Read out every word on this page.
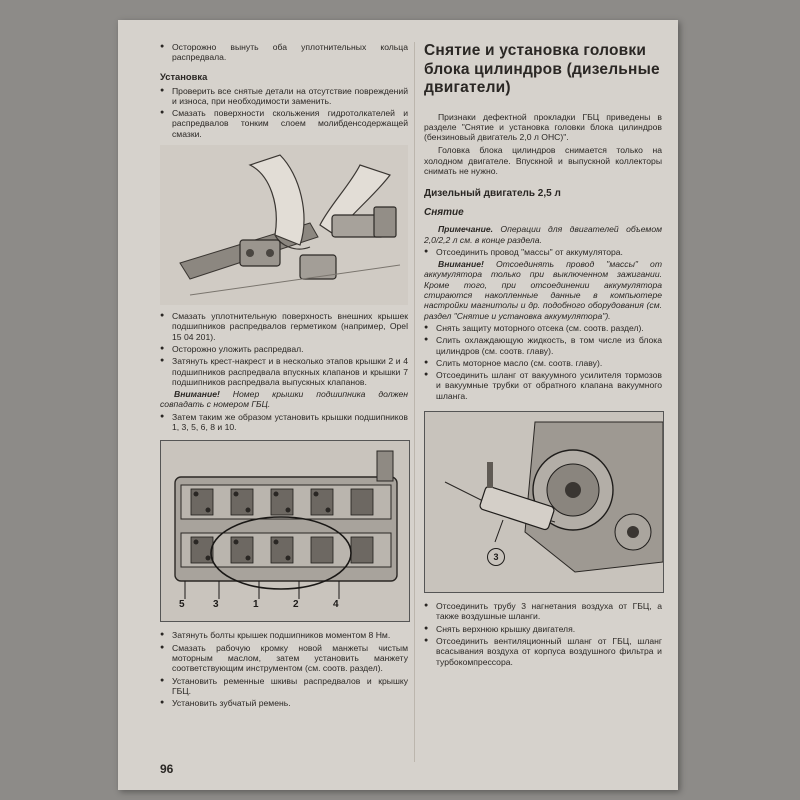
● Осторожно вынуть оба уплотнительных кольца распредвала.
Установка
● Проверить все снятые детали на отсутствие повреждений и износа, при необходимости заменить.
● Смазать поверхности скольжения гидротолкателей и распредвалов тонким слоем молибденсодержащей смазки.
● Смазать уплотнительную поверхность внешних крышек подшипников распредвалов герметиком (например, Opel 15 04 201).
● Осторожно уложить распредвал.
● Затянуть крест-накрест и в несколько этапов крышки 2 и 4 подшипников распредвала впускных клапанов и крышки 7 подшипников распредвала выпускных клапанов.

Внимание! Номер крышки подшипника должен совпадать с номером ГБЦ.

● Затем таким же образом установить крышки подшипников 1, 3, 5, 6, 8 и 10.
5	3	1	2	4
● Затянуть болты крышек подшипников моментом 8 Нм.
● Смазать рабочую кромку новой манжеты чистым моторным маслом, затем установить манжету соответствующим инструментом (см. соотв. раздел).
● Установить ременные шкивы распредвалов и крышку ГБЦ.
● Установить зубчатый ремень.
96
Снятие и установка головки блока цилиндров (дизельные двигатели)

Признаки дефектной прокладки ГБЦ приведены в разделе "Снятие и установка головки блока цилиндров (бензиновый двигатель 2,0 л ОНС)".

Головка блока цилиндров снимается только на холодном двигателе. Впускной и выпускной коллекторы снимать не нужно.

Дизельный двигатель 2,5 л
Снятие

Примечание. Операции для двигателей объемом 2,0/2,2 л см. в конце раздела.

● Отсоединить провод "массы" от аккумулятора.

Внимание! Отсоединять провод "массы" от аккумулятора только при выключенном зажигании. Кроме того, при отсоединении аккумулятора стираются накопленные данные в компьютере настройки магнитолы и др. подобного оборудования (см. раздел "Снятие и установка аккумулятора").

● Снять защиту моторного отсека (см. соотв. раздел).
● Слить охлаждающую жидкость, в том числе из блока цилиндров (см. соотв. главу).
● Слить моторное масло (см. соотв. главу).
● Отсоединить шланг от вакуумного усилителя тормозов и вакуумные трубки от обратного клапана вакуумного шланга.
3
● Отсоединить трубу 3 нагнетания воздуха от ГБЦ, а также воздушные шланги.
● Снять верхнюю крышку двигателя.
● Отсоединить вентиляционный шланг от ГБЦ, шланг всасывания воздуха от корпуса воздушного фильтра и турбокомпрессора.
